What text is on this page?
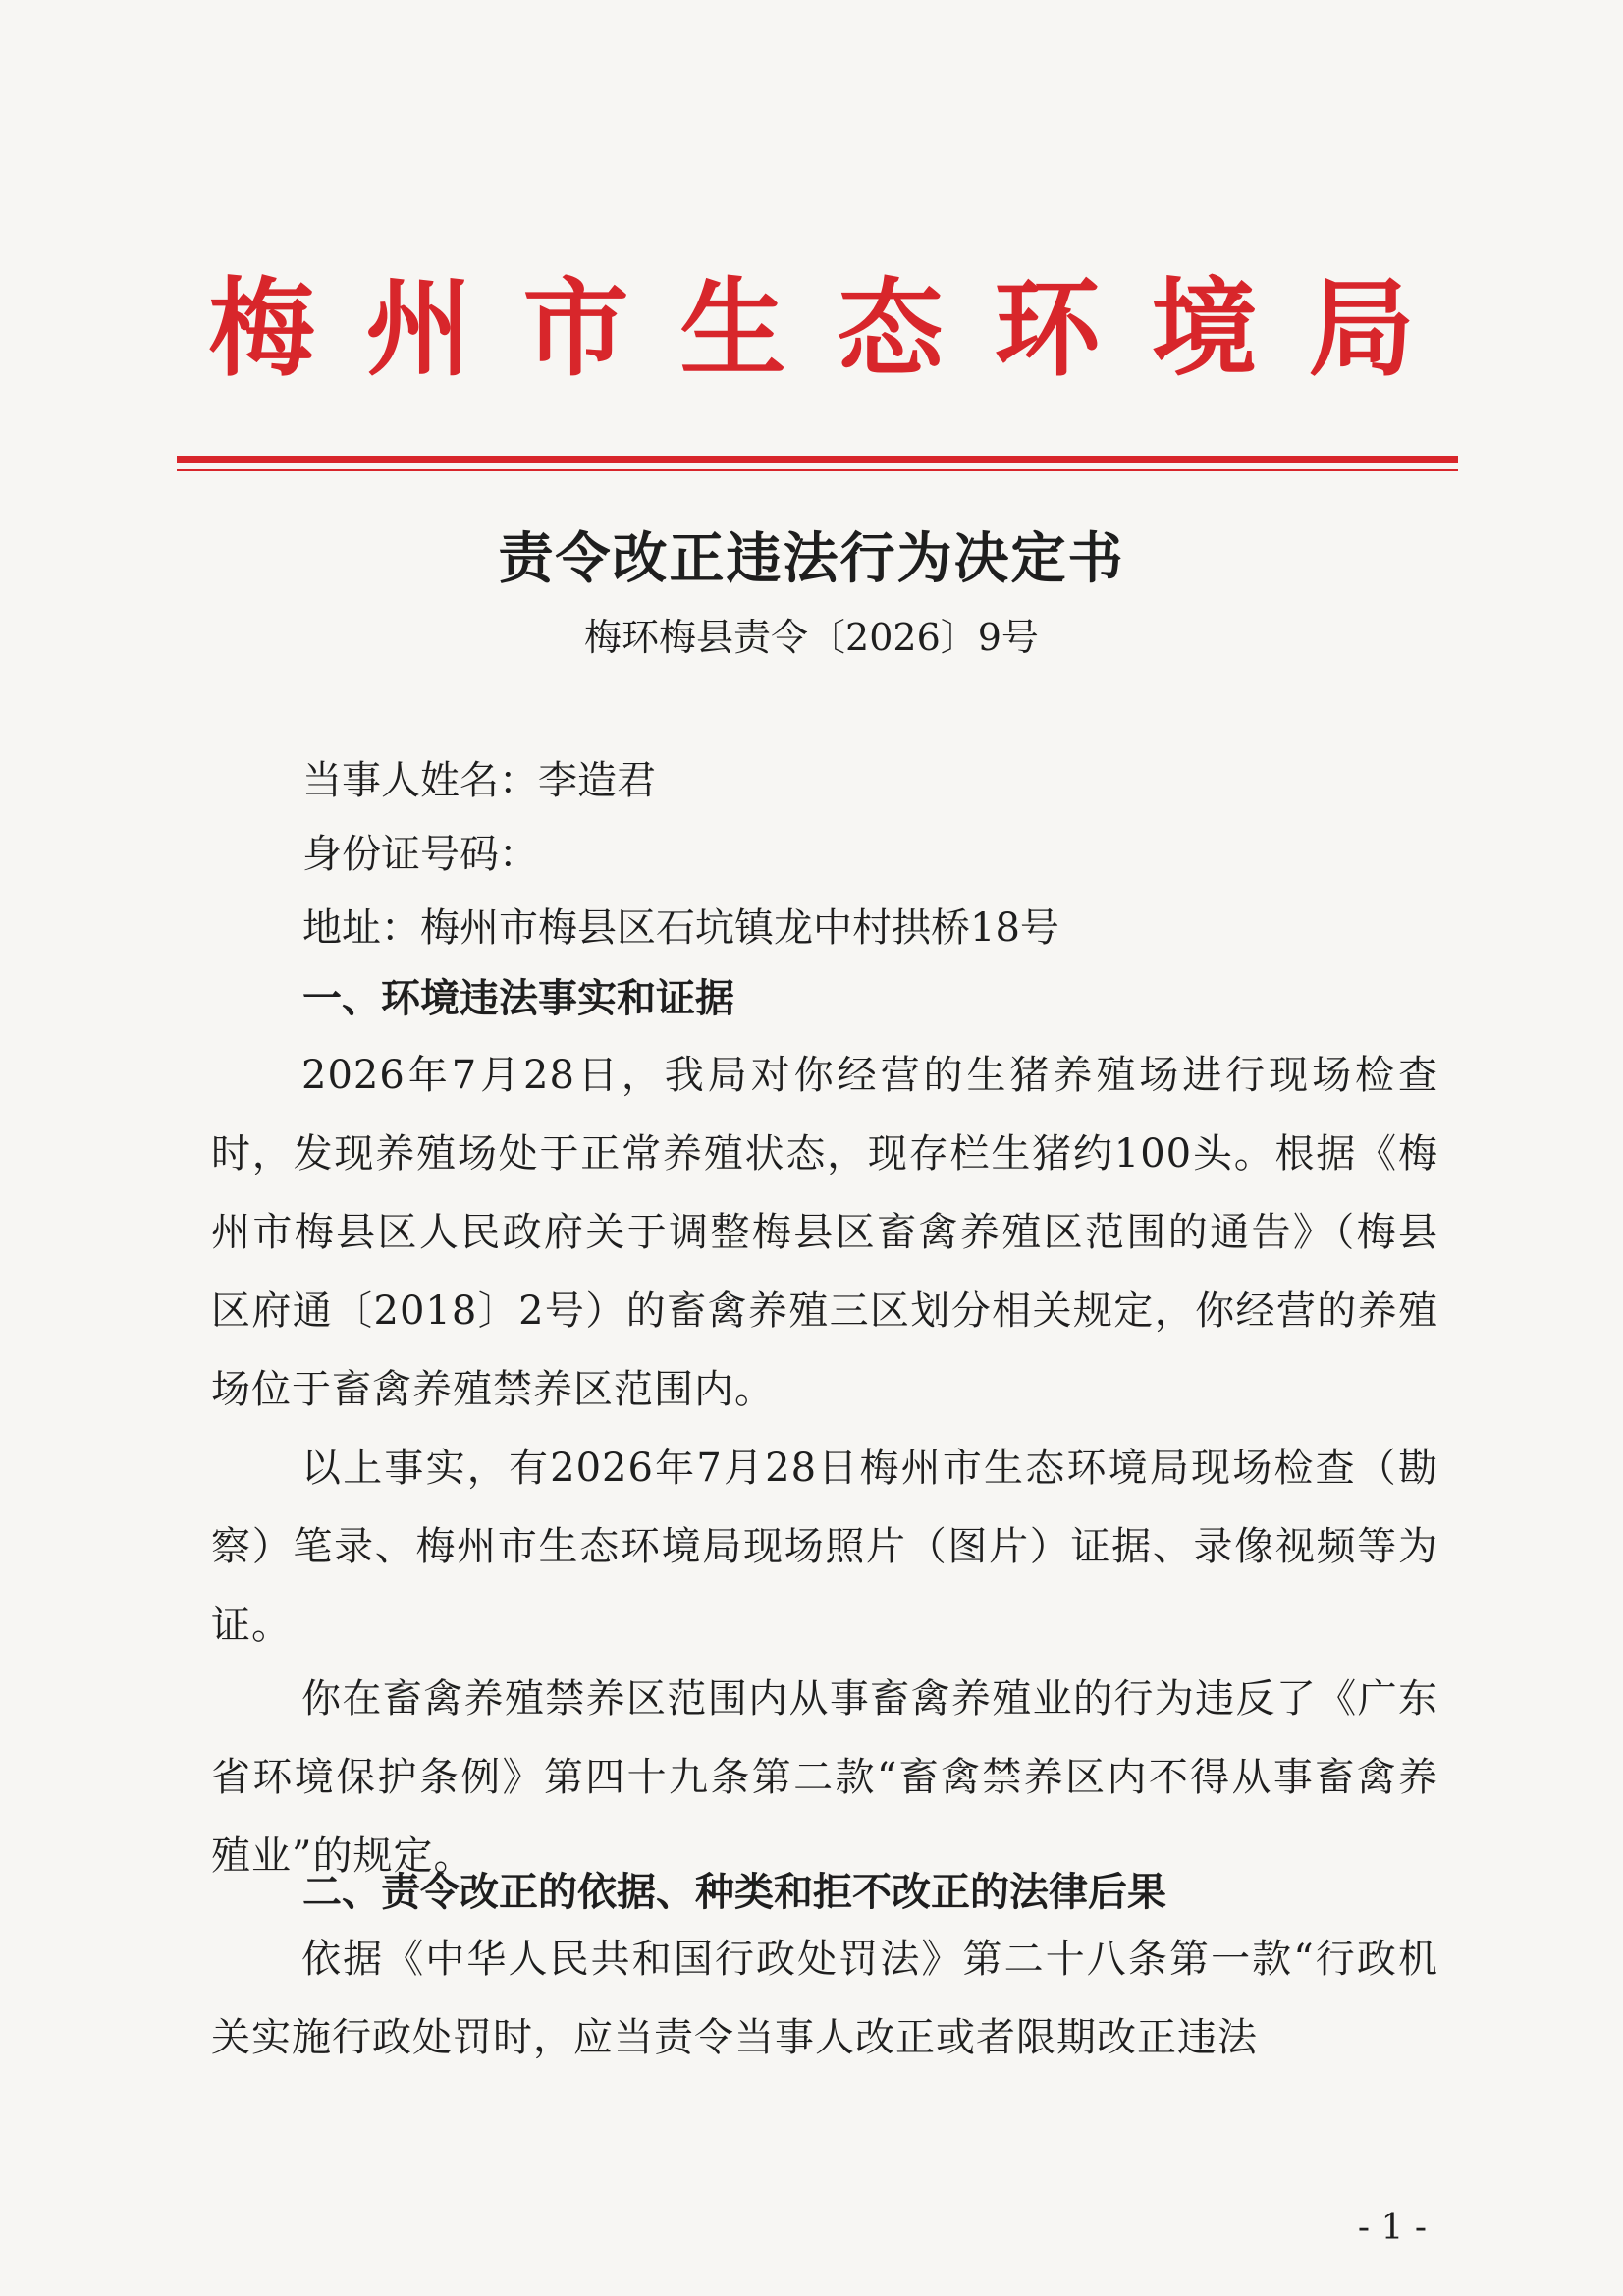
梅州市生态环境局
责令改正违法行为决定书
梅环梅县责令〔2026〕9号
当事人姓名：李造君
身份证号码：
地址：梅州市梅县区石坑镇龙中村拱桥18号
一、环境违法事实和证据
2026年7月28日，我局对你经营的生猪养殖场进行现场检查时，发现养殖场处于正常养殖状态，现存栏生猪约100头。根据《梅州市梅县区人民政府关于调整梅县区畜禽养殖区范围的通告》（梅县区府通〔2018〕2号）的畜禽养殖三区划分相关规定，你经营的养殖场位于畜禽养殖禁养区范围内。
以上事实，有2026年7月28日梅州市生态环境局现场检查（勘察）笔录、梅州市生态环境局现场照片（图片）证据、录像视频等为证。
你在畜禽养殖禁养区范围内从事畜禽养殖业的行为违反了《广东省环境保护条例》第四十九条第二款“畜禽禁养区内不得从事畜禽养殖业”的规定。
二、责令改正的依据、种类和拒不改正的法律后果
依据《中华人民共和国行政处罚法》第二十八条第一款“行政机关实施行政处罚时，应当责令当事人改正或者限期改正违法
- 1 -
